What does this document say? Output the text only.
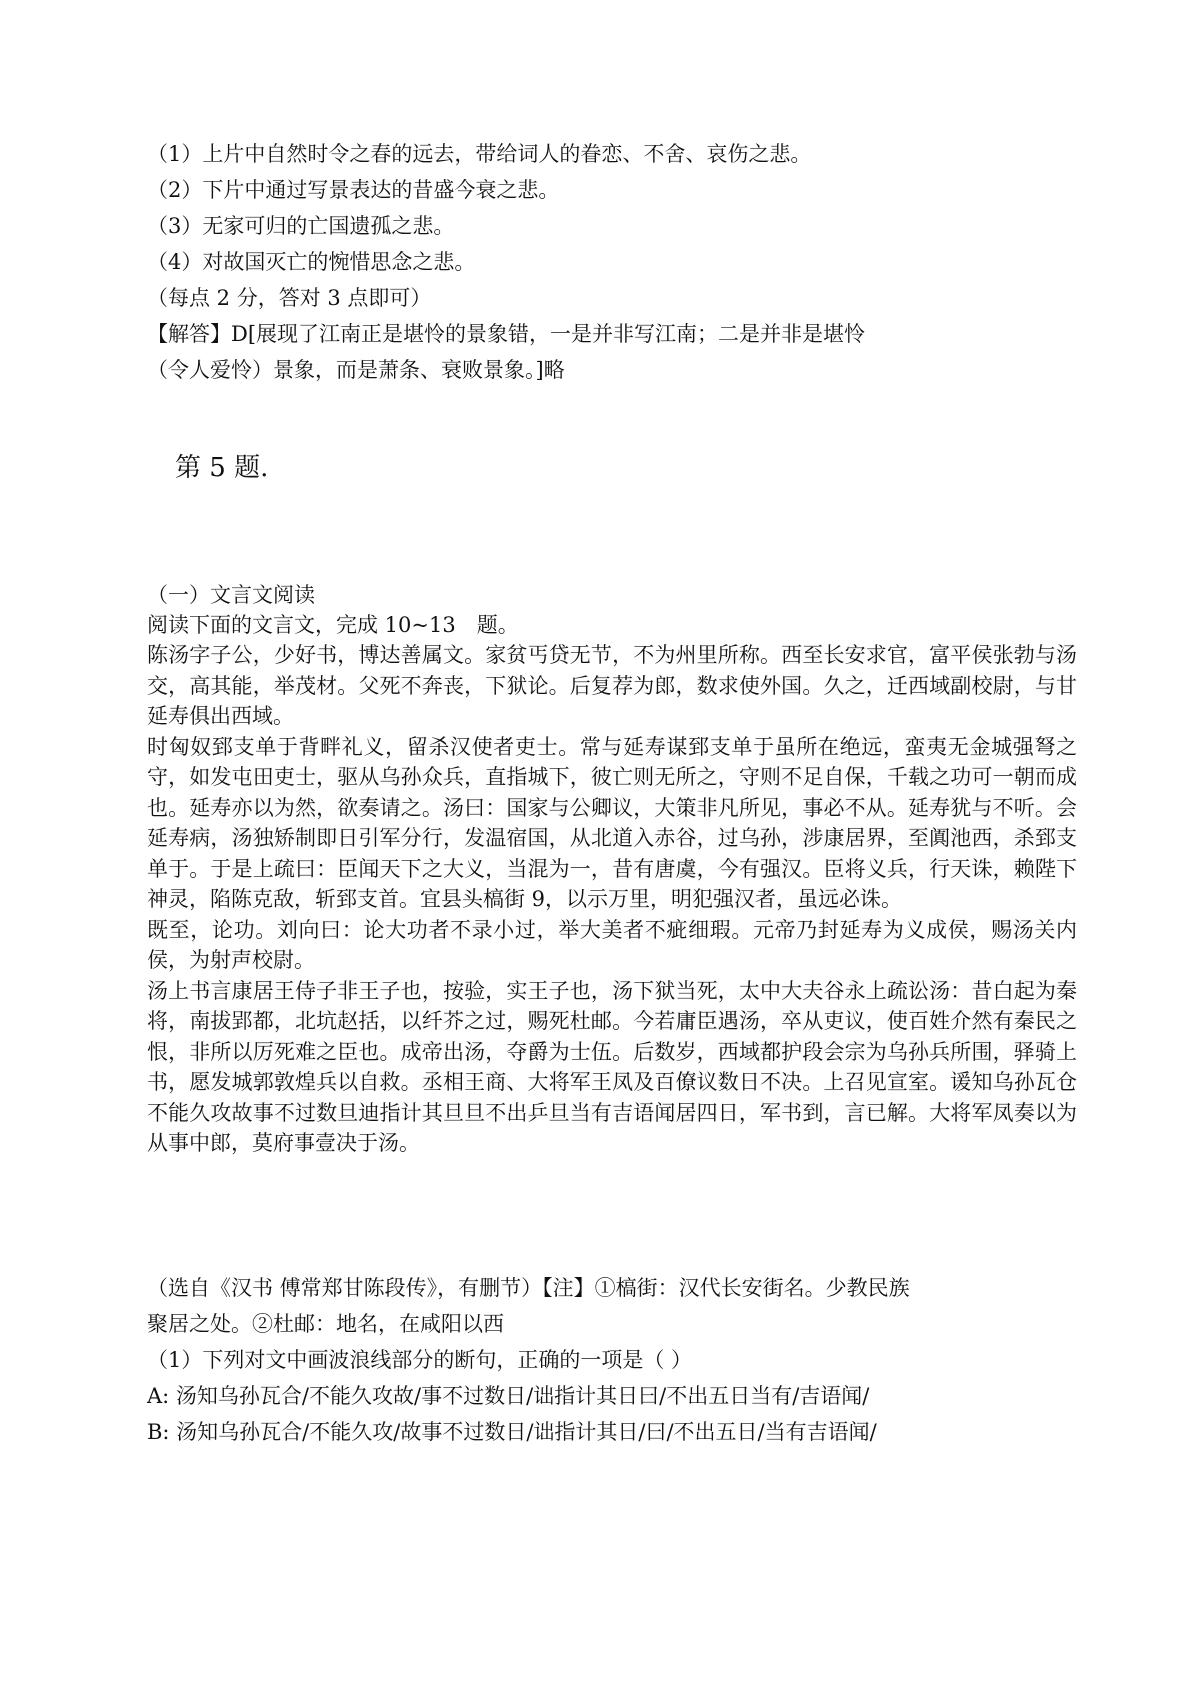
（1）上片中自然时令之春的远去，带给词人的眷恋、不舍、哀伤之悲。
（2）下片中通过写景表达的昔盛今衰之悲。
（3）无家可归的亡国遗孤之悲。
（4）对故国灭亡的惋惜思念之悲。
（每点 2 分，答对 3 点即可）
【解答】D[展现了江南正是堪怜的景象错，一是并非写江南；二是并非是堪怜
（令人爱怜）景象，而是萧条、衰败景象。]略
第 5 题.
（一）文言文阅读
阅读下面的文言文，完成 10~13　题。

陈汤字子公，少好书，博达善属文。家贫丐贷无节，不为州里所称。西至长安求官，富平侯张勃与汤交，高其能，举茂材。父死不奔丧，下狱论。后复荐为郎，数求使外国。久之，迁西域副校尉，与甘延寿俱出西域。

时匈奴郅支单于背畔礼义，留杀汉使者吏士。常与延寿谋郅支单于虽所在绝远，蛮夷无金城强弩之守，如发屯田吏士，驱从乌孙众兵，直指城下，彼亡则无所之，守则不足自保，千载之功可一朝而成也。延寿亦以为然，欲奏请之。汤曰：国家与公卿议，大策非凡所见，事必不从。延寿犹与不听。会延寿病，汤独矫制即日引军分行，发温宿国，从北道入赤谷，过乌孙，涉康居界，至阗池西，杀郅支单于。于是上疏曰：臣闻天下之大义，当混为一，昔有唐虞，今有强汉。臣将义兵，行天诛，赖陛下神灵，陷陈克敌，斩郅支首。宜县头槁街 9，以示万里，明犯强汉者，虽远必诛。

既至，论功。刘向曰：论大功者不录小过，举大美者不疵细瑕。元帝乃封延寿为义成侯，赐汤关内侯，为射声校尉。

汤上书言康居王侍子非王子也，按验，实王子也，汤下狱当死，太中大夫谷永上疏讼汤：昔白起为秦将，南拔郢都，北坑赵括，以纤芥之过，赐死杜邮。今若庸臣遇汤，卒从吏议，使百姓介然有秦民之恨，非所以厉死难之臣也。成帝出汤，夺爵为士伍。后数岁，西域都护段会宗为乌孙兵所围，驿骑上书，愿发城郭敦煌兵以自救。丞相王商、大将军王凤及百僚议数日不决。上召见宣室。谖知乌孙瓦仓不能久攻故事不过数旦迪指计其旦旦不出乒旦当有吉语闻居四日，军书到，言已解。大将军凤奏以为从事中郎，莫府事壹决于汤。

（选自《汉书 傅常郑甘陈段传》，有删节）【注】①槁街：汉代长安街名。少教民族
聚居之处。②杜邮：地名，在咸阳以西
（1）下列对文中画波浪线部分的断句，正确的一项是（ ）
A: 汤知乌孙瓦合/不能久攻故/事不过数日/诎指计其日曰/不出五日当有/吉语闻/
B: 汤知乌孙瓦合/不能久攻/故事不过数日/诎指计其日/曰/不出五日/当有吉语闻/
